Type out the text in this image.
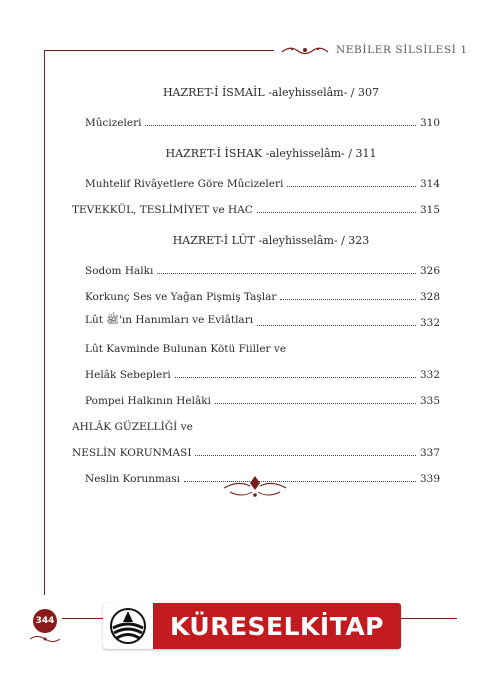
NEBİLER SİLSİLESİ 1
HAZRET-İ İSMAİL -aleyhisselâm- / 307
Mûcizeleri	310
HAZRET-İ İSHAK -aleyhisselâm- / 311
Muhtelif Rivâyetlere Göre Mûcizeleri	314
TEVEKKÜL, TESLİMİYET ve HAC	315
HAZRET-İ LÛT -aleyhisselâm- / 323
Sodom Halkı	326
Korkunç Ses ve Yağan Pişmiş Taşlar	328
Lût ﷺ'ın Hanımları ve Evlâtları	332
Lût Kavminde Bulunan Kötü Fiiller ve
Helâk Sebepleri	332
Pompei Halkının Helâki	335
AHLÂK GÜZELLİĞİ ve
NESLİN KORUNMASI	337
Neslin Korunması	339
344	KÜRESELKİTAP
